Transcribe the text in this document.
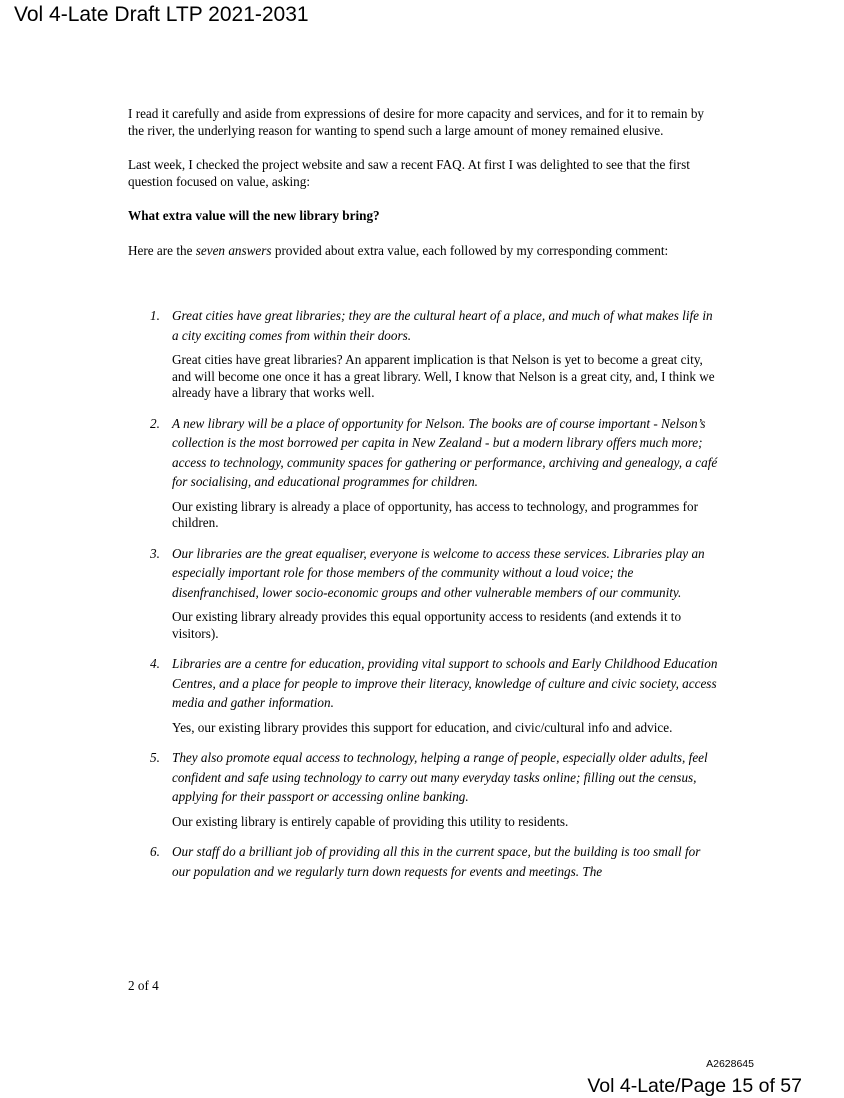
Vol 4-Late Draft LTP 2021-2031

I read it carefully and aside from expressions of desire for more capacity and services, and for it to remain by the river, the underlying reason for wanting to spend such a large amount of money remained elusive.

Last week, I checked the project website and saw a recent FAQ. At first I was delighted to see that the first question focused on value, asking:

What extra value will the new library bring?

Here are the seven answers provided about extra value, each followed by my corresponding comment:

1. Great cities have great libraries; they are the cultural heart of a place, and much of what makes life in a city exciting comes from within their doors.

Great cities have great libraries? An apparent implication is that Nelson is yet to become a great city, and will become one once it has a great library. Well, I know that Nelson is a great city, and, I think we already have a library that works well.

2. A new library will be a place of opportunity for Nelson. The books are of course important - Nelson’s collection is the most borrowed per capita in New Zealand - but a modern library offers much more; access to technology, community spaces for gathering or performance, archiving and genealogy, a café for socialising, and educational programmes for children.

Our existing library is already a place of opportunity, has access to technology, and programmes for children.

3. Our libraries are the great equaliser, everyone is welcome to access these services. Libraries play an especially important role for those members of the community without a loud voice; the disenfranchised, lower socio-economic groups and other vulnerable members of our community.

Our existing library already provides this equal opportunity access to residents (and extends it to visitors).

4. Libraries are a centre for education, providing vital support to schools and Early Childhood Education Centres, and a place for people to improve their literacy, knowledge of culture and civic society, access media and gather information.

Yes, our existing library provides this support for education, and civic/cultural info and advice.

5. They also promote equal access to technology, helping a range of people, especially older adults, feel confident and safe using technology to carry out many everyday tasks online; filling out the census, applying for their passport or accessing online banking.

Our existing library is entirely capable of providing this utility to residents.

6. Our staff do a brilliant job of providing all this in the current space, but the building is too small for our population and we regularly turn down requests for events and meetings. The

2 of 4
A2628645
Vol 4-Late/Page 15 of 57
